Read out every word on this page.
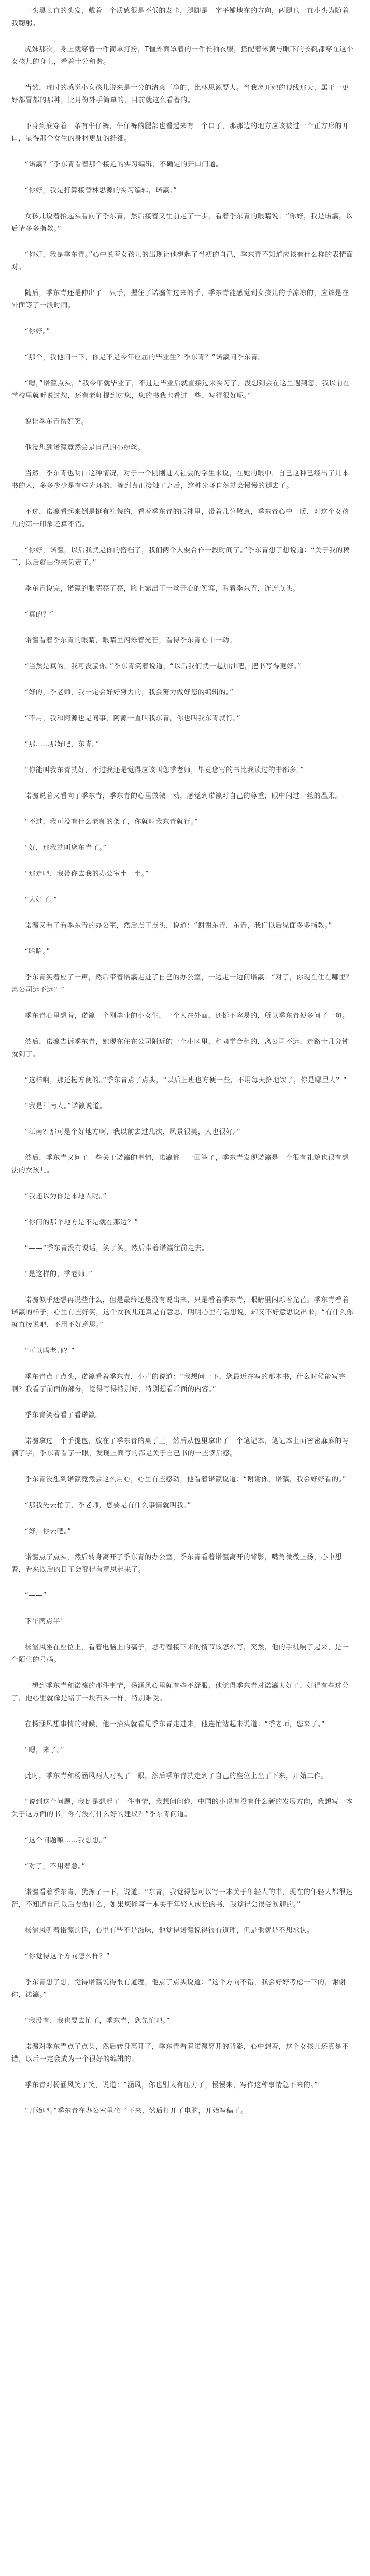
一头黑长直的头发，戴着一个质感很是不低的发卡，腿脚是一字平铺地在的方向，两腿也一直小头为随着我鞠躬。

虎妹那次，身上就穿着一件简单打扮，T恤外面罩着的一件长袖衣服，搭配着米黄与眼下的长靴都穿在这个女孩儿的身上，看着十分和谐。

当然，那时的感觉小女孩儿说来是十分的清爽干净的，比林思源要大。当我离开她的视线那天，属于一更好都冒都的那种，比月份外手简单的，目前就这么看着的。

下身到底穿着一条有牛仔裤，牛仔裤的腿部也看起来有一个口子，那那边的地方应该被过一个正方形的开口，显得那个女生的身材更加的纤细。

“诺瀛？”季东青看着那个接近的实习编辑，不确定的开口问道。

“你好，我是打算接替林思源的实习编辑，诺瀛。”

女孩儿说着抬起头看向了季东青，然后接着又往前走了一步，看着季东青的眼睛说：“你好，我是诺瀛，以后请多多指教。”

“你好，我是季东青。”心中说着女孩儿的出现让他想起了当初的自己，季东青不知道应该有什么样的表情面对。

随后，季东青还是伸出了一只手，握住了诺瀛伸过来的手，季东青能感觉到女孩儿的手凉凉的，应该是在外面等了一段时间。

“你好。”

“那个，我他问一下，你是不是今年应届的毕业生？季东青？”诺瀛问季东青。

“嗯，”诺瀛点头，“我今年就毕业了，不过是毕业后就直接过来实习了，没想到会在这里遇到您，我以前在学校里就听说过您，还有老师提到过您，您的书我也看过一些，写得很好呢。”

说让季东青愣好笑。

他没想到诺瀛竟然会是自己的小粉丝。

当然，季东青也明白这种情况，对于一个刚刚进入社会的学生来说，在她的眼中，自己这种已经出了几本书的人，多多少少是有些光环的，等到真正接触了之后，这种光环自然就会慢慢的褪去了。

不过，诺瀛看起来倒是挺有礼貌的，看着季东青的眼神里，带着几分敬意，季东青心中一暖，对这个女孩儿的第一印象还算不错。

“你好，诺瀛，以后我就是你的搭档了，我们两个人要合作一段时间了。”季东青想了想说道：“关于我的稿子，以后就由你来负责了。”

季东青说完，诺瀛的眼睛亮了亮，脸上露出了一丝开心的笑容，看着季东青，连连点头。

“真的？”

诺瀛看着季东青的眼睛，眼睛里闪烁着光芒，看得季东青心中一动。

“当然是真的，我可没骗你。”季东青笑着说道，“以后我们就一起加油吧，把书写得更好。”

“好的，季老师，我一定会好好努力的，我会努力做好您的编辑的。”

“不用，我和阿源也是同事，阿源一直叫我东青，你也叫我东青就行。”

“那……那好吧，东青。”

“你能叫我东青就好，不过我还是觉得应该叫您季老师，毕竟您写的书比我读过的书都多。”

诺瀛说着又看向了季东青，季东青的心里微微一动，感觉到诺瀛对自己的尊重，眼中闪过一丝的温柔。

“不过，我可没有什么老师的架子，你就叫我东青就行。”

“好，那我就叫您东青了。”

“那走吧，我带你去我的办公室坐一坐。”

“大好了。”

诺瀛又看了看季东青的办公室，然后点了点头，说道：“谢谢东青，东青，我们以后见面多多指教。”

“哈哈。”

季东青笑着应了一声，然后带着诺瀛走进了自己的办公室，一边走一边问诺瀛：“对了，你现在住在哪里？离公司远不远？”

季东青心里想着，诺瀛一个刚毕业的小女生，一个人在外面，还挺不容易的，所以季东青便多问了一句。

然后，诺瀛告诉季东青，她现在住在公司附近的一个小区里，和同学合租的，离公司不远，走路十几分钟就到了。

“这样啊，那还挺方便的。”季东青点了点头，“以后上班也方便一些，不用每天挤地铁了，你是哪里人？”

“我是江南人。”诺瀛说道。

“江南？那可是个好地方啊，我以前去过几次，风景很美，人也很好。”

然后，季东青又问了一些关于诺瀛的事情，诺瀛都一一回答了，季东青发现诺瀛是一个很有礼貌也很有想法的女孩儿。

“我还以为你是本地人呢。”

“你问的那个地方是不是就在那边？”

“——”季东青没有说话，笑了笑，然后带着诺瀛往前走去。

“是这样的，季老师。”

诺瀛似乎还想再说些什么，但是最终还是没有说出来，只是看着季东青，眼睛里闪烁着光芒。季东青看着诺瀛的样子，心里有些好笑，这个女孩儿还真是有意思，明明心里有话想说，却又不好意思说出来，“有什么你就直接说吧，不用不好意思。”

“可以吗老师？”

季东青点了点头，诺瀛看着季东青，小声的说道：“我想问一下，您最近在写的那本书，什么时候能写完啊？我看了前面的部分，觉得写得特别好，特别想看后面的内容。”

季东青笑着看了看诺瀛。

诺瀛拿过一个手提包，放在了季东青的桌子上，然后从包里拿出了一个笔记本，笔记本上面密密麻麻的写满了字，季东青看了一眼，发现上面写的都是关于自己书的一些读后感。

季东青没想到诺瀛竟然会这么用心，心里有些感动，他看着诺瀛说道：“谢谢你，诺瀛，我会好好看的。”

“那我先去忙了，季老师，您要是有什么事情就叫我。”

“好，你去吧。”

诺瀛点了点头，然后转身离开了季东青的办公室，季东青看着诺瀛离开的背影，嘴角微微上扬，心中想着，看来以后的日子会变得有意思起来了。

“——”

下午两点半！

杨涵风坐在座位上，看着电脑上的稿子，思考着接下来的情节该怎么写，突然，他的手机响了起来，是一个陌生的号码。

一想到季东青和诺瀛的那件事情，杨涵风心里就有些不舒服，他觉得季东青对诺瀛太好了，好得有些过分了，他心里就像是堵了一块石头一样，特别难受。

在杨涵风想事情的时候，他一抬头就看见季东青走进来，他连忙站起来说道：“季老师，您来了。”

“嗯，来了。”

此时，季东青和杨涵风两人对视了一眼，然后季东青就走到了自己的座位上坐了下来，开始工作。

“说到这个问题，我倒是想起了一件事情，我想问问你，中国的小说有没有什么新的发展方向，我想写一本关于这方面的书，你有没有什么好的建议？”季东青问道。

“这个问题嘛……我想想。”

“对了，不用着急。”

诺瀛看着季东青，犹豫了一下，说道：“东青，我觉得您可以写一本关于年轻人的书，现在的年轻人都很迷茫，不知道自己以后要做什么，如果您能写一本关于年轻人成长的书，我觉得会很受欢迎的。”

杨涵风听着诺瀛的话，心里有些不是滋味，他觉得诺瀛说得很有道理，但是他就是不想承认。

“你觉得这个方向怎么样？”

季东青想了想，觉得诺瀛说得很有道理，他点了点头说道：“这个方向不错，我会好好考虑一下的，谢谢你，诺瀛。”

“我没有，我也要去忙了，季东青，您先忙吧。”

诺瀛对季东青点了点头，然后转身离开了，季东青看着诺瀛离开的背影，心中想着，这个女孩儿还真是不错，以后一定会成为一个很好的编辑的。

季东青对杨涵风笑了笑，说道：“涵风，你也别太有压力了，慢慢来，写作这种事情急不来的。”

“开始吧。”季东青在办公室里坐了下来，然后打开了电脑，开始写稿子。
